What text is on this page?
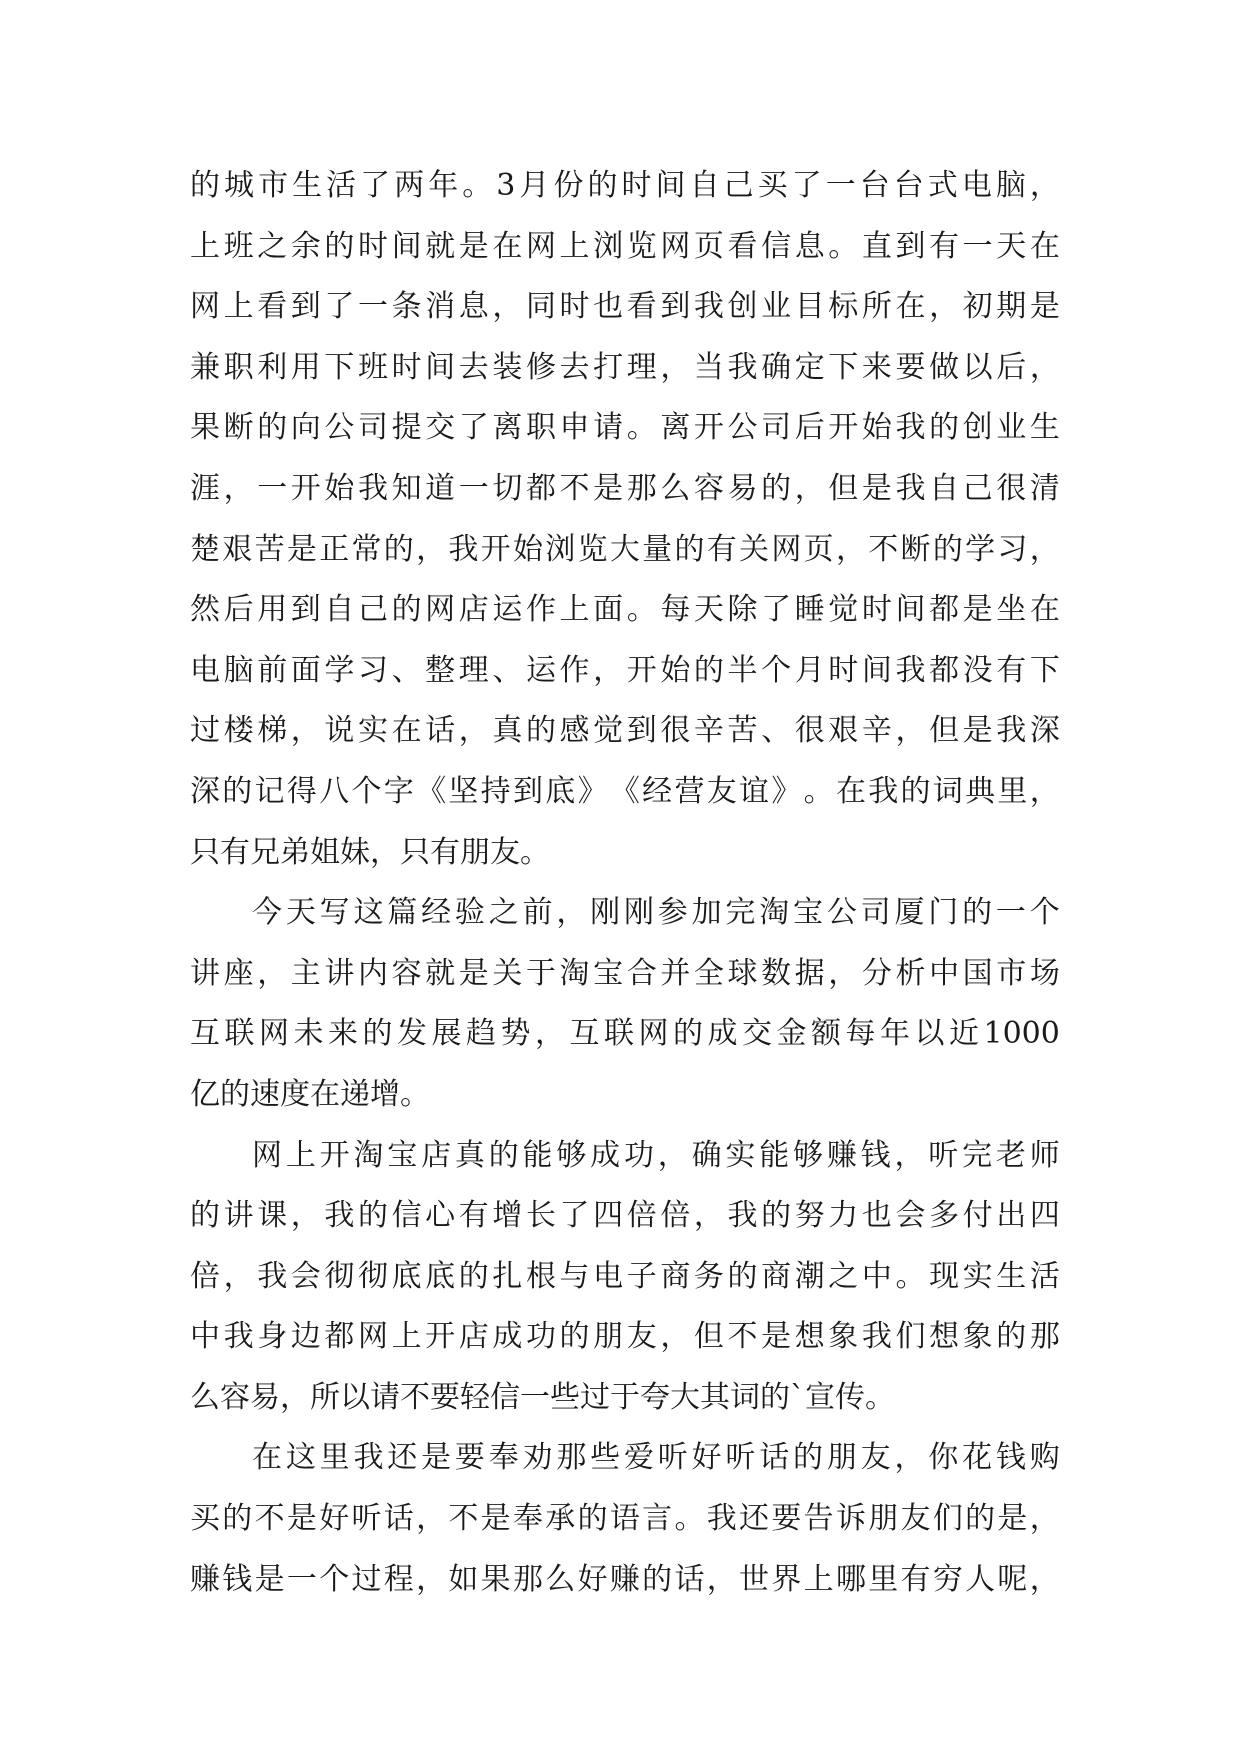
的 城 市 生 活 了 两 年 。 3 月 份 的 时 间 自 己 买 了 一 台 台 式 电 脑 ，
上 班 之 余 的 时 间 就 是 在 网 上 浏 览 网 页 看 信 息 。 直 到 有 一 天 在
网 上 看 到 了 一 条 消 息 ， 同 时 也 看 到 我 创 业 目 标 所 在 ， 初 期 是
兼 职 利 用 下 班 时 间 去 装 修 去 打 理 ， 当 我 确 定 下 来 要 做 以 后 ，
果 断 的 向 公 司 提 交 了 离 职 申 请 。 离 开 公 司 后 开 始 我 的 创 业 生
涯 ， 一 开 始 我 知 道 一 切 都 不 是 那 么 容 易 的 ， 但 是 我 自 己 很 清
楚 艰 苦 是 正 常 的 ， 我 开 始 浏 览 大 量 的 有 关 网 页 ， 不 断 的 学 习 ，
然 后 用 到 自 己 的 网 店 运 作 上 面 。 每 天 除 了 睡 觉 时 间 都 是 坐 在
电 脑 前 面 学 习 、 整 理 、 运 作 ， 开 始 的 半 个 月 时 间 我 都 没 有 下
过 楼 梯 ， 说 实 在 话 ， 真 的 感 觉 到 很 辛 苦 、 很 艰 辛 ， 但 是 我 深
深 的 记 得 八 个 字 《 坚 持 到 底 》 《 经 营 友 谊 》 。 在 我 的 词 典 里 ，
只有兄弟姐妹，只有朋友。
今 天 写 这 篇 经 验 之 前 ， 刚 刚 参 加 完 淘 宝 公 司 厦 门 的 一 个
讲 座 ， 主 讲 内 容 就 是 关 于 淘 宝 合 并 全 球 数 据 ， 分 析 中 国 市 场
互 联 网 未 来 的 发 展 趋 势 ， 互 联 网 的 成 交 金 额 每 年 以 近 1000
亿的速度在递增。
网 上 开 淘 宝 店 真 的 能 够 成 功 ， 确 实 能 够 赚 钱 ， 听 完 老 师
的 讲 课 ， 我 的 信 心 有 增 长 了 四 倍 倍 ， 我 的 努 力 也 会 多 付 出 四
倍 ， 我 会 彻 彻 底 底 的 扎 根 与 电 子 商 务 的 商 潮 之 中 。 现 实 生 活
中 我 身 边 都 网 上 开 店 成 功 的 朋 友 ， 但 不 是 想 象 我 们 想 象 的 那
么容易，所以请不要轻信一些过于夸大其词的`宣传。
在 这 里 我 还 是 要 奉 劝 那 些 爱 听 好 听 话 的 朋 友 ， 你 花 钱 购
买 的 不 是 好 听 话 ， 不 是 奉 承 的 语 言 。 我 还 要 告 诉 朋 友 们 的 是 ，
赚 钱 是 一 个 过 程 ， 如 果 那 么 好 赚 的 话 ， 世 界 上 哪 里 有 穷 人 呢 ，
